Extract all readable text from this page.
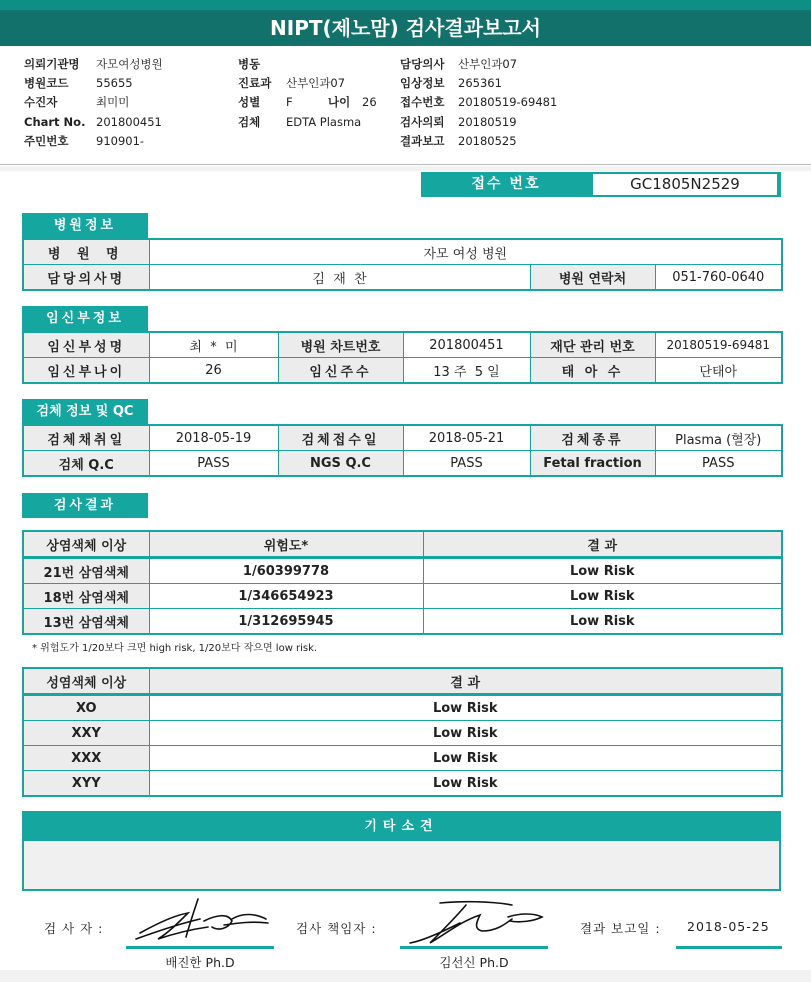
NIPT(제노맘) 검사결과보고서
의뢰기관명 자모여성병원
병원코드 55655
수진자	최미미
Chart No. 201800451
주민번호 910901-
병동
진료과 산부인과07
성별 F	나이 26
검체 EDTA Plasma
담당의사 산부인과07
임상정보 265361
접수번호 20180519-69481
검사의뢰 20180519
결과보고 20180525
접수 번호	GC1805N2529
병원정보
병 원 명	자모 여성 병원		
담당의사명	김  재  찬	병원 연락처	051-760-0640
임신부정보
임신부성명	최  *  미	병원 차트번호	201800451	재단 관리 번호	20180519-69481
임신부나이	26	임신주수	13 주  5 일	태 아 수	단태아
검체 정보 및 QC
검체채취일	2018-05-19	검체접수일	2018-05-21	검체종류	Plasma (혈장)
검체 Q.C	PASS	NGS Q.C	PASS	Fetal fraction	PASS
검사결과
상염색체 이상	위험도*	결 과
21번 삼염색체	1/60399778	Low Risk
18번 삼염색체	1/346654923	Low Risk
13번 삼염색체	1/312695945	Low Risk
* 위험도가 1/20보다 크면 high risk, 1/20보다 작으면 low risk.
성염색체 이상	결 과
XO	Low Risk
XXY	Low Risk
XXX	Low Risk
XYY	Low Risk
기타소견
검 사 자 :
배진한 Ph.D
검사 책임자 :
김선신 Ph.D
결과 보고일 : 2018-05-25
